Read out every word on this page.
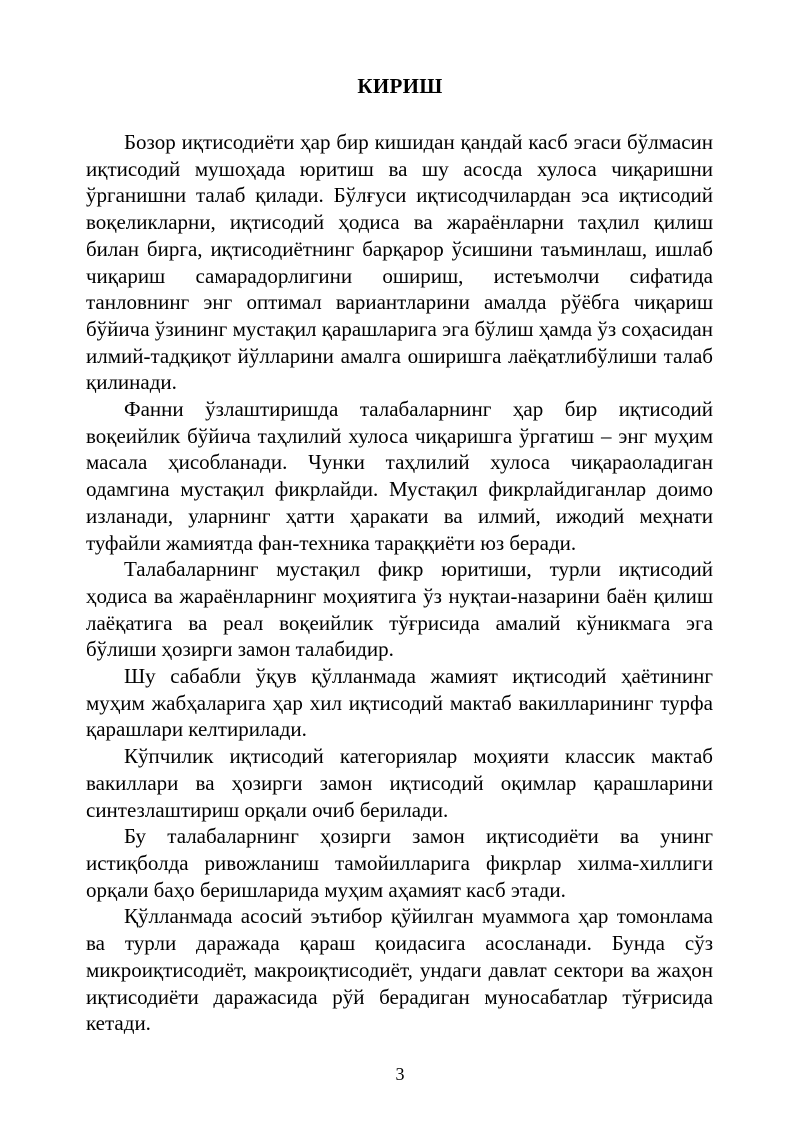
КИРИШ

Бозор иқтисодиёти ҳар бир кишидан қандай касб эгаси бўлмасин иқтисодий мушоҳада юритиш ва шу асосда хулоса чиқаришни ўрганишни талаб қилади. Бўлғуси иқтисодчилардан эса иқтисодий воқеликларни, иқтисодий ҳодиса ва жараёнларни таҳлил қилиш билан бирга, иқтисодиётнинг барқарор ўсишини таъминлаш, ишлаб чиқариш самарадорлигини ошириш, истеъмолчи сифатида танловнинг энг оптимал вариантларини амалда рўёбга чиқариш бўйича ўзининг мустақил қарашларига эга бўлиш ҳамда ўз соҳасидан илмий-тадқиқот йўлларини амалга оширишга лаёқатлибўлиши талаб қилинади.

Фанни ўзлаштиришда талабаларнинг ҳар бир иқтисодий воқеийлик бўйича таҳлилий хулоса чиқаришга ўргатиш – энг муҳим масала ҳисобланади. Чунки таҳлилий хулоса чиқараоладиган одамгина мустақил фикрлайди. Мустақил фикрлайдиганлар доимо изланади, уларнинг ҳатти ҳаракати ва илмий, ижодий меҳнати туфайли жамиятда фан-техника тараққиёти юз беради.

Талабаларнинг мустақил фикр юритиши, турли иқтисодий ҳодиса ва жараёнларнинг моҳиятига ўз нуқтаи-назарини баён қилиш лаёқатига ва реал воқеийлик тўғрисида амалий кўникмага эга бўлиши ҳозирги замон талабидир.

Шу сабабли ўқув қўлланмада жамият иқтисодий ҳаётининг муҳим жабҳаларига ҳар хил иқтисодий мактаб вакилларининг турфа қарашлари келтирилади.

Кўпчилик иқтисодий категориялар моҳияти классик мактаб вакиллари ва ҳозирги замон иқтисодий оқимлар қарашларини синтезлаштириш орқали очиб берилади.

Бу талабаларнинг ҳозирги замон иқтисодиёти ва унинг истиқболда ривожланиш тамойилларига фикрлар хилма-хиллиги орқали баҳо беришларида муҳим аҳамият касб этади.

Қўлланмада асосий эътибор қўйилган муаммога ҳар томонлама ва турли даражада қараш қоидасига асосланади. Бунда сўз микроиқтисодиёт, макроиқтисодиёт, ундаги давлат сектори ва жаҳон иқтисодиёти даражасида рўй берадиган муносабатлар тўғрисида кетади.

3
